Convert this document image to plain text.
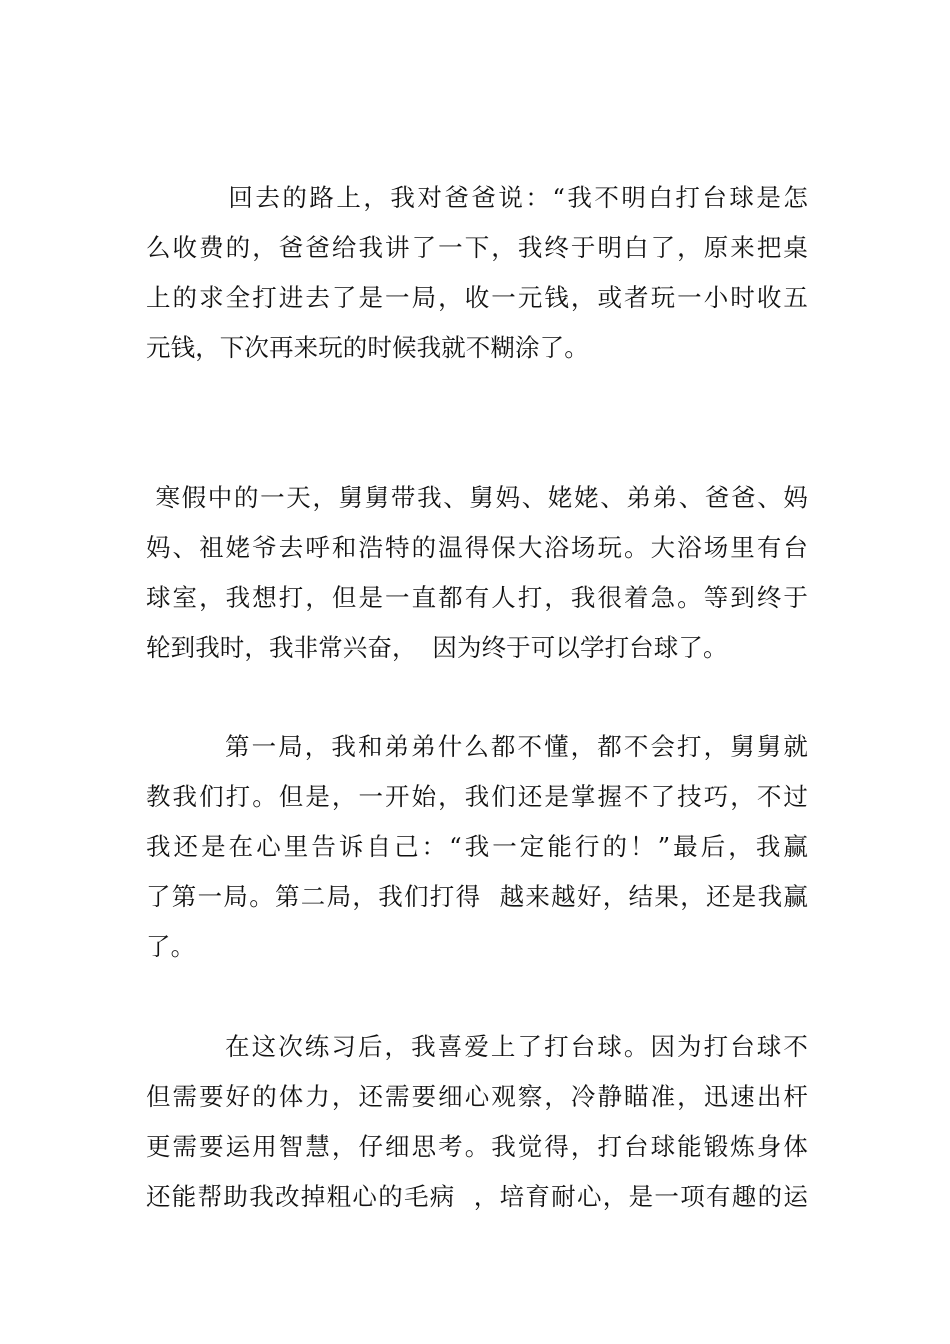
回去的路上，我对爸爸说：“我不明白打台球是怎
么收费的，爸爸给我讲了一下，我终于明白了，原来把桌
上的求全打进去了是一局，收一元钱，或者玩一小时收五
元钱，下次再来玩的时候我就不糊涂了。
寒假中的一天，舅舅带我、舅妈、姥姥、弟弟、爸爸、妈
妈、祖姥爷去呼和浩特的温得保大浴场玩。大浴场里有台
球室，我想打，但是一直都有人打，我很着急。等到终于
轮到我时，我非常兴奋，  因为终于可以学打台球了。
第一局，我和弟弟什么都不懂，都不会打，舅舅就
教我们打。但是，一开始，我们还是掌握不了技巧，不过
我还是在心里告诉自己：“我一定能行的！”最后，我赢
了第一局。第二局，我们打得  越来越好，结果，还是我赢
了。
在这次练习后，我喜爱上了打台球。因为打台球不
但需要好的体力，还需要细心观察，冷静瞄准，迅速出杆
更需要运用智慧，仔细思考。我觉得，打台球能锻炼身体
还能帮助我改掉粗心的毛病  ，培育耐心，是一项有趣的运
